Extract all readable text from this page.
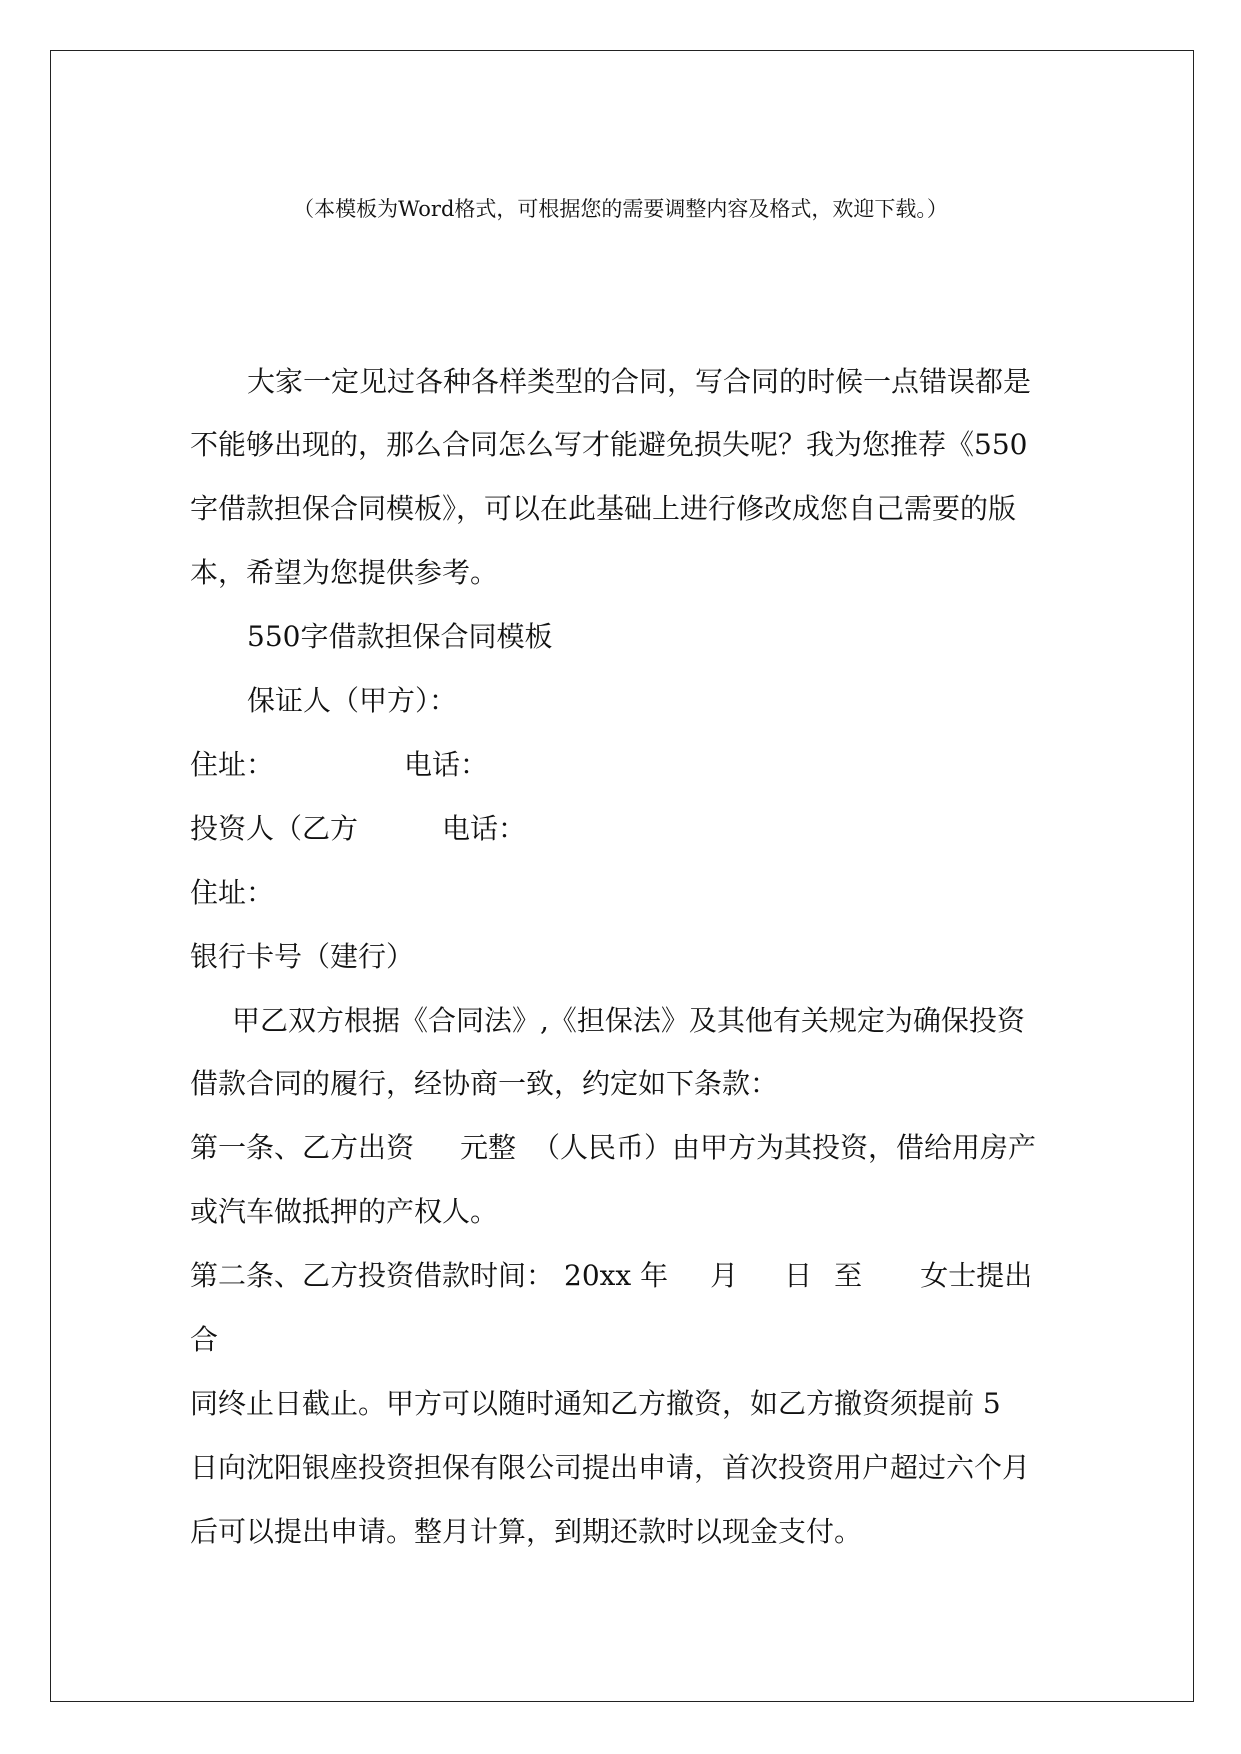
（本模板为Word格式，可根据您的需要调整内容及格式，欢迎下载。）
大家一定见过各种各样类型的合同，写合同的时候一点错误都是
不能够出现的，那么合同怎么写才能避免损失呢？我为您推荐《550
字借款担保合同模板》，可以在此基础上进行修改成您自己需要的版
本，希望为您提供参考。
550字借款担保合同模板
保证人（甲方）：
住址：	电话：
投资人（乙方	电话：
住址：
银行卡号（建行）
甲乙双方根据《合同法》,《担保法》及其他有关规定为确保投资
借款合同的履行，经协商一致，约定如下条款：
第一条、乙方出资 元整 （人民币）由甲方为其投资，借给用房产
或汽车做抵押的产权人。
第二条、乙方投资借款时间： 20xx 年 月 日 至 女士提出
合
同终止日截止。甲方可以随时通知乙方撤资，如乙方撤资须提前 5
日向沈阳银座投资担保有限公司提出申请，首次投资用户超过六个月
后可以提出申请。整月计算，到期还款时以现金支付。
